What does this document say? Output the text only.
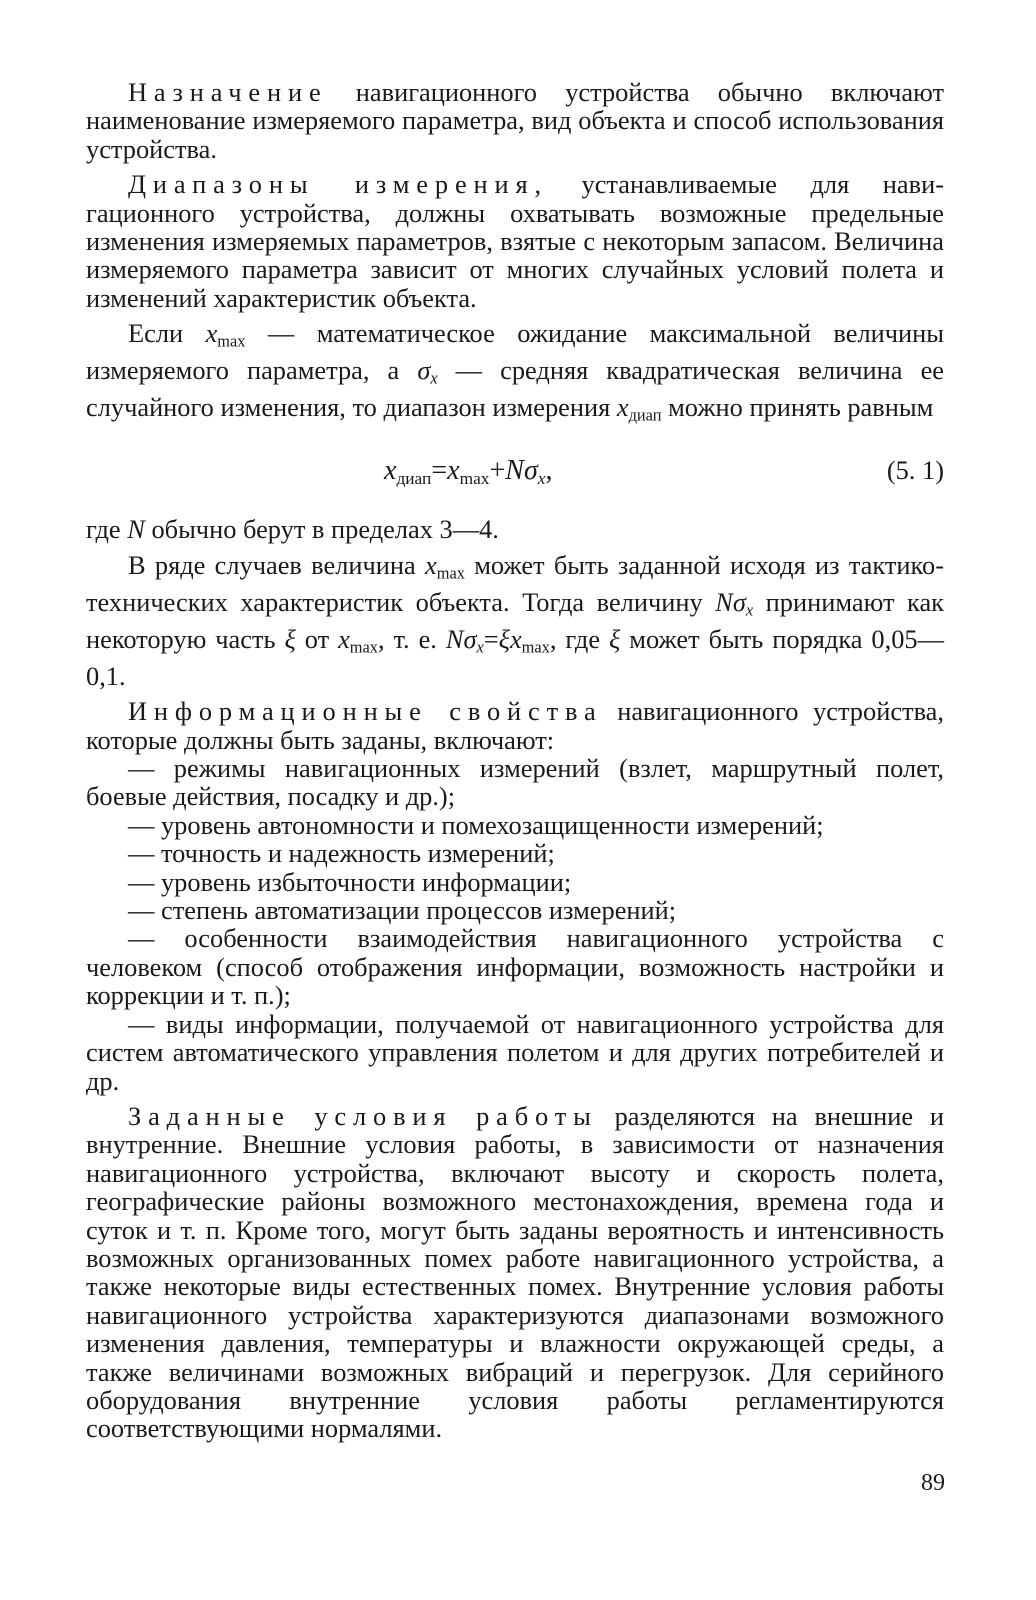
Назначение навигационного устройства обычно включают наименование измеряемого параметра, вид объекта и способ использования устройства.

Диапазоны измерения, устанавливаемые для навигационного устройства, должны охватывать возможные предельные изменения измеряемых параметров, взятые с некоторым запасом. Величина измеряемого параметра зависит от многих случайных условий полета и изменений характеристик объекта.

Если $x_{max}$ — математическое ожидание максимальной величины измеряемого параметра, а $\sigma_x$ — средняя квадратическая величина ее случайного изменения, то диапазон измерения $x_{диап}$ можно принять равным

$x_{диап}=x_{max}+N\sigma_x$,	(5. 1)

где N обычно берут в пределах 3—4.

В ряде случаев величина $x_{max}$ может быть заданной исходя из тактико-технических характеристик объекта. Тогда величину $N\sigma_x$ принимают как некоторую часть ξ от $x_{max}$, т. е. $N\sigma_x=\xi x_{max}$, где ξ может быть порядка 0,05—0,1.

Информационные свойства навигационного устройства, которые должны быть заданы, включают:

— режимы навигационных измерений (взлет, маршрутный полет, боевые действия, посадку и др.);

— уровень автономности и помехозащищенности измерений;

— точность и надежность измерений;

— уровень избыточности информации;

— степень автоматизации процессов измерений;

— особенности взаимодействия навигационного устройства с человеком (способ отображения информации, возможность настройки и коррекции и т. п.);

— виды информации, получаемой от навигационного устройства для систем автоматического управления полетом и для других потребителей и др.

Заданные условия работы разделяются на внешние и внутренние. Внешние условия работы, в зависимости от назначения навигационного устройства, включают высоту и скорость полета, географические районы возможного местонахождения, времена года и суток и т. п. Кроме того, могут быть заданы вероятность и интенсивность возможных организованных помех работе навигационного устройства, а также некоторые виды естественных помех. Внутренние условия работы навигационного устройства характеризуются диапазонами возможного изменения давления, температуры и влажности окружающей среды, а также величинами возможных вибраций и перегрузок. Для серийного оборудования внутренние условия работы регламентируются соответствующими нормалями.

89
